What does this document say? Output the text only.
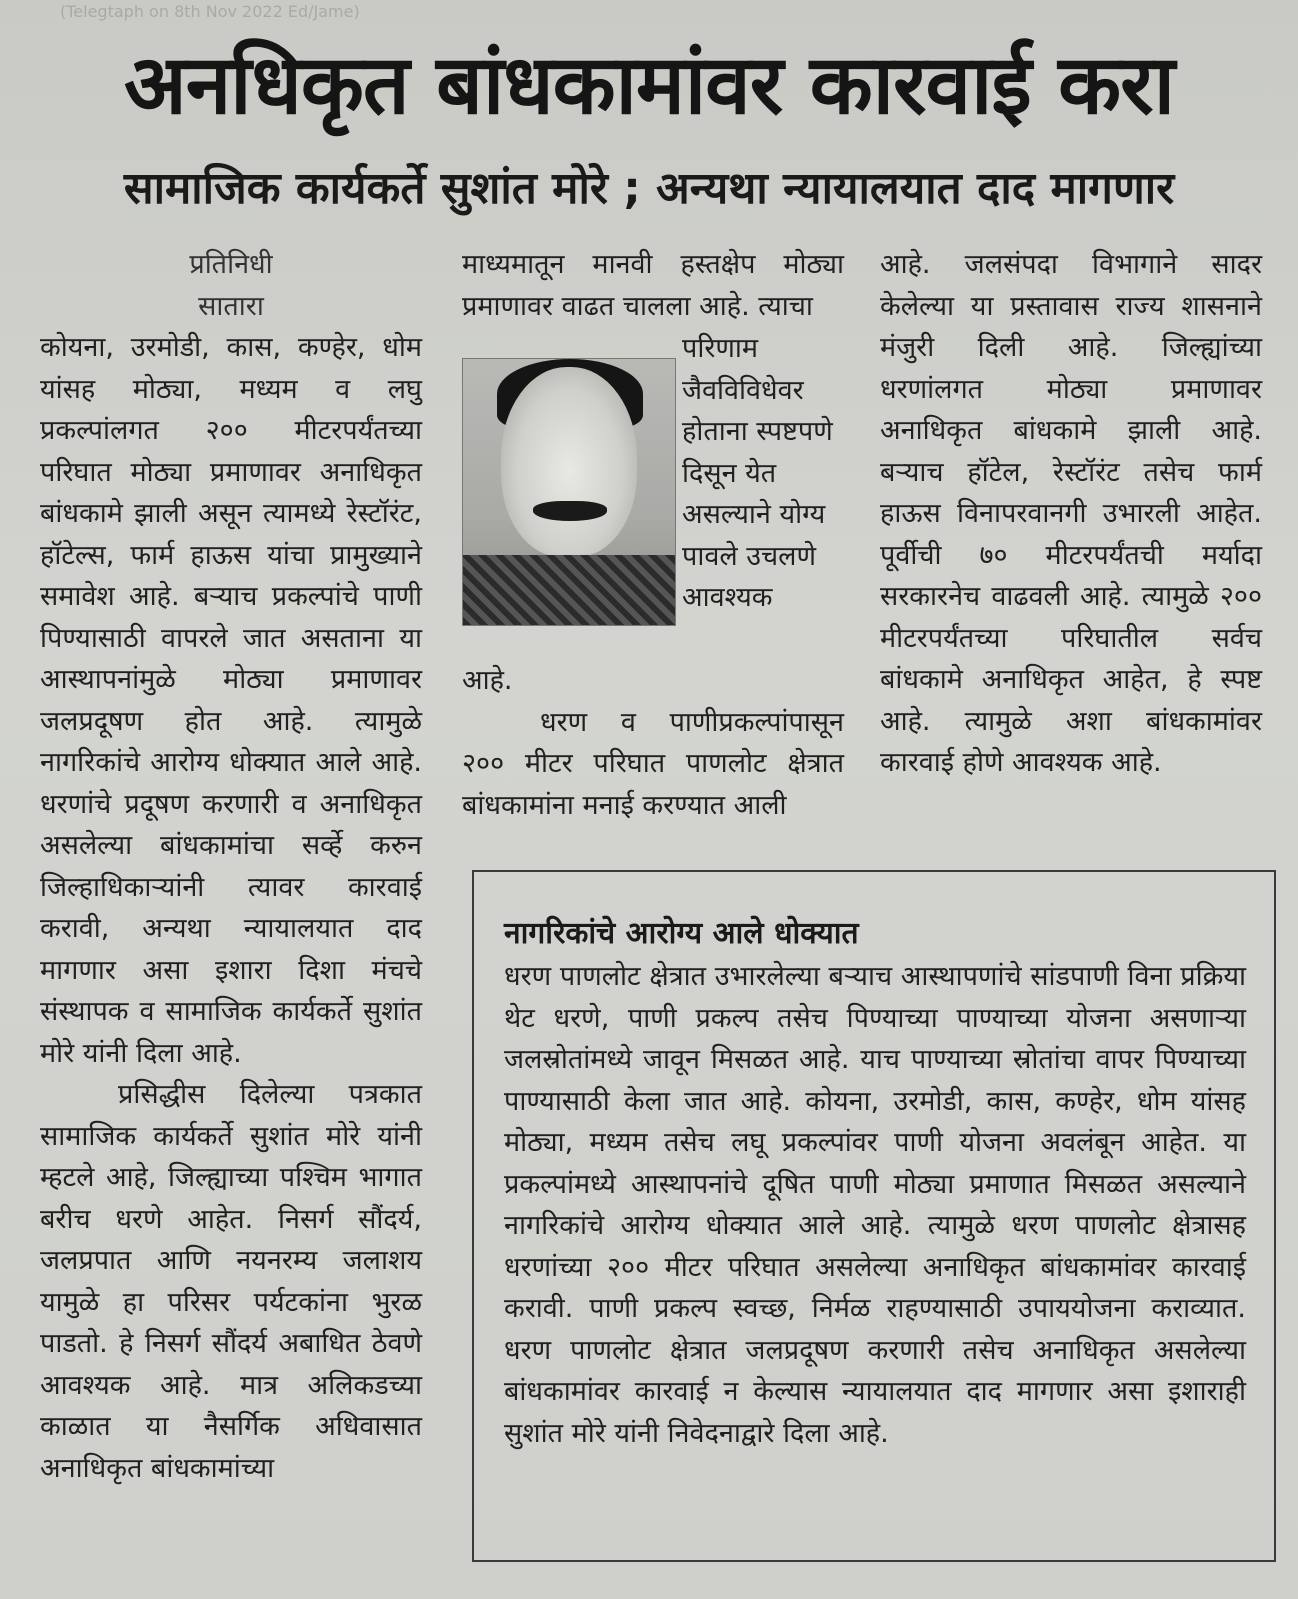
(Telegtaph on 8th Nov 2022 Ed/Jame)
अनधिकृत बांधकामांवर कारवाई करा
सामाजिक कार्यकर्ते सुशांत मोरे ; अन्यथा न्यायालयात दाद मागणार

प्रतिनिधी

सातारा

कोयना, उरमोडी, कास, कण्हेर, धोम यांसह मोठ्या, मध्यम व लघु प्रकल्पांलगत २०० मीटरपर्यंतच्या परिघात मोठ्या प्रमाणावर अनाधिकृत बांधकामे झाली असून त्यामध्ये रेस्टॉरंट, हॉटेल्स, फार्म हाऊस यांचा प्रामुख्याने समावेश आहे. बऱ्याच प्रकल्पांचे पाणी पिण्यासाठी वापरले जात असताना या आस्थापनांमुळे मोठ्या प्रमाणावर जलप्रदूषण होत आहे. त्यामुळे नागरिकांचे आरोग्य धोक्यात आले आहे. धरणांचे प्रदूषण करणारी व अनाधिकृत असलेल्या बांधकामांचा सर्व्हे करुन जिल्हाधिकाऱ्यांनी त्यावर कारवाई करावी, अन्यथा न्यायालयात दाद मागणार असा इशारा दिशा मंचचे संस्थापक व सामाजिक कार्यकर्ते सुशांत मोरे यांनी दिला आहे.

प्रसिद्धीस दिलेल्या पत्रकात सामाजिक कार्यकर्ते सुशांत मोरे यांनी म्हटले आहे, जिल्ह्याच्या पश्चिम भागात बरीच धरणे आहेत. निसर्ग सौंदर्य, जलप्रपात आणि नयनरम्य जलाशय यामुळे हा परिसर पर्यटकांना भुरळ पाडतो. हे निसर्ग सौंदर्य अबाधित ठेवणे आवश्यक आहे. मात्र अलिकडच्या काळात या नैसर्गिक अधिवासात अनाधिकृत बांधकामांच्या

माध्यमातून मानवी हस्तक्षेप मोठ्या प्रमाणावर वाढत चालला आहे. त्याचा

परिणाम जैवविविधेवर होताना स्पष्टपणे दिसून येत असल्याने योग्य पावले उचलणे आवश्यक

आहे.

धरण व पाणीप्रकल्पांपासून २०० मीटर परिघात पाणलोट क्षेत्रात बांधकामांना मनाई करण्यात आली

आहे. जलसंपदा विभागाने सादर केलेल्या या प्रस्तावास राज्य शासनाने मंजुरी दिली आहे. जिल्ह्यांच्या धरणांलगत मोठ्या प्रमाणावर अनाधिकृत बांधकामे झाली आहे. बऱ्याच हॉटेल, रेस्टॉरंट तसेच फार्म हाऊस विनापरवानगी उभारली आहेत. पूर्वीची ७० मीटरपर्यंतची मर्यादा सरकारनेच वाढवली आहे. त्यामुळे २०० मीटरपर्यंतच्या परिघातील सर्वच बांधकामे अनाधिकृत आहेत, हे स्पष्ट आहे. त्यामुळे अशा बांधकामांवर कारवाई होणे आवश्यक आहे.

नागरिकांचे आरोग्य आले धोक्यात

धरण पाणलोट क्षेत्रात उभारलेल्या बऱ्याच आस्थापणांचे सांडपाणी विना प्रक्रिया थेट धरणे, पाणी प्रकल्प तसेच पिण्याच्या पाण्याच्या योजना असणाऱ्या जलस्रोतांमध्ये जावून मिसळत आहे. याच पाण्याच्या स्रोतांचा वापर पिण्याच्या पाण्यासाठी केला जात आहे. कोयना, उरमोडी, कास, कण्हेर, धोम यांसह मोठ्या, मध्यम तसेच लघू प्रकल्पांवर पाणी योजना अवलंबून आहेत. या प्रकल्पांमध्ये आस्थापनांचे दूषित पाणी मोठ्या प्रमाणात मिसळत असल्याने नागरिकांचे आरोग्य धोक्यात आले आहे. त्यामुळे धरण पाणलोट क्षेत्रासह धरणांच्या २०० मीटर परिघात असलेल्या अनाधिकृत बांधकामांवर कारवाई करावी. पाणी प्रकल्प स्वच्छ, निर्मळ राहण्यासाठी उपाययोजना कराव्यात. धरण पाणलोट क्षेत्रात जलप्रदूषण करणारी तसेच अनाधिकृत असलेल्या बांधकामांवर कारवाई न केल्यास न्यायालयात दाद मागणार असा इशाराही सुशांत मोरे यांनी निवेदनाद्वारे दिला आहे.
